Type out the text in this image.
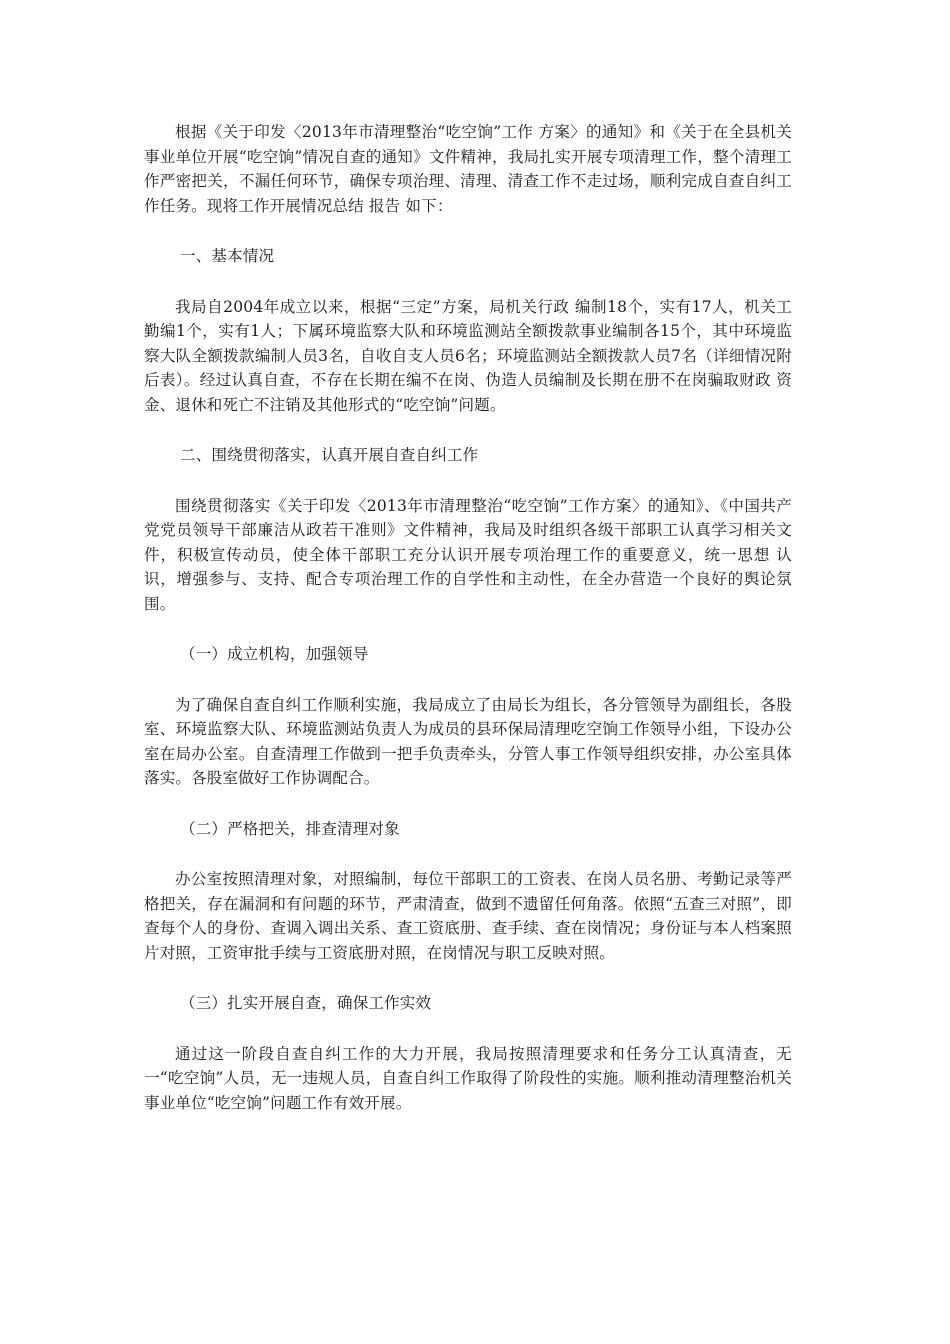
根据《关于印发〈2013年市清理整治“吃空饷”工作 方案〉的通知》和《关于在全县机关事业单位开展“吃空饷”情况自查的通知》文件精神，我局扎实开展专项清理工作，整个清理工作严密把关，不漏任何环节，确保专项治理、清理、清查工作不走过场，顺利完成自查自纠工作任务。现将工作开展情况总结 报告 如下：

一、基本情况

我局自2004年成立以来，根据“三定”方案，局机关行政 编制18个，实有17人，机关工勤编1个，实有1人；下属环境监察大队和环境监测站全额拨款事业编制各15个，其中环境监察大队全额拨款编制人员3名，自收自支人员6名；环境监测站全额拨款人员7名（详细情况附后表）。经过认真自查，不存在长期在编不在岗、伪造人员编制及长期在册不在岗骗取财政 资金、退休和死亡不注销及其他形式的“吃空饷”问题。

二、围绕贯彻落实，认真开展自查自纠工作

围绕贯彻落实《关于印发〈2013年市清理整治“吃空饷”工作方案〉的通知》、《中国共产党党员领导干部廉洁从政若干准则》文件精神，我局及时组织各级干部职工认真学习相关文件，积极宣传动员，使全体干部职工充分认识开展专项治理工作的重要意义，统一思想 认识，增强参与、支持、配合专项治理工作的自学性和主动性，在全办营造一个良好的舆论氛围。

（一）成立机构，加强领导

为了确保自查自纠工作顺利实施，我局成立了由局长为组长，各分管领导为副组长，各股室、环境监察大队、环境监测站负责人为成员的县环保局清理吃空饷工作领导小组，下设办公室在局办公室。自查清理工作做到一把手负责牵头，分管人事工作领导组织安排，办公室具体落实。各股室做好工作协调配合。

（二）严格把关，排查清理对象

办公室按照清理对象，对照编制，每位干部职工的工资表、在岗人员名册、考勤记录等严格把关，存在漏洞和有问题的环节，严肃清查，做到不遗留任何角落。依照“五查三对照”，即查每个人的身份、查调入调出关系、查工资底册、查手续、查在岗情况；身份证与本人档案照片对照，工资审批手续与工资底册对照，在岗情况与职工反映对照。

（三）扎实开展自查，确保工作实效

通过这一阶段自查自纠工作的大力开展，我局按照清理要求和任务分工认真清查，无一“吃空饷”人员，无一违规人员，自查自纠工作取得了阶段性的实施。顺利推动清理整治机关事业单位“吃空饷”问题工作有效开展。
